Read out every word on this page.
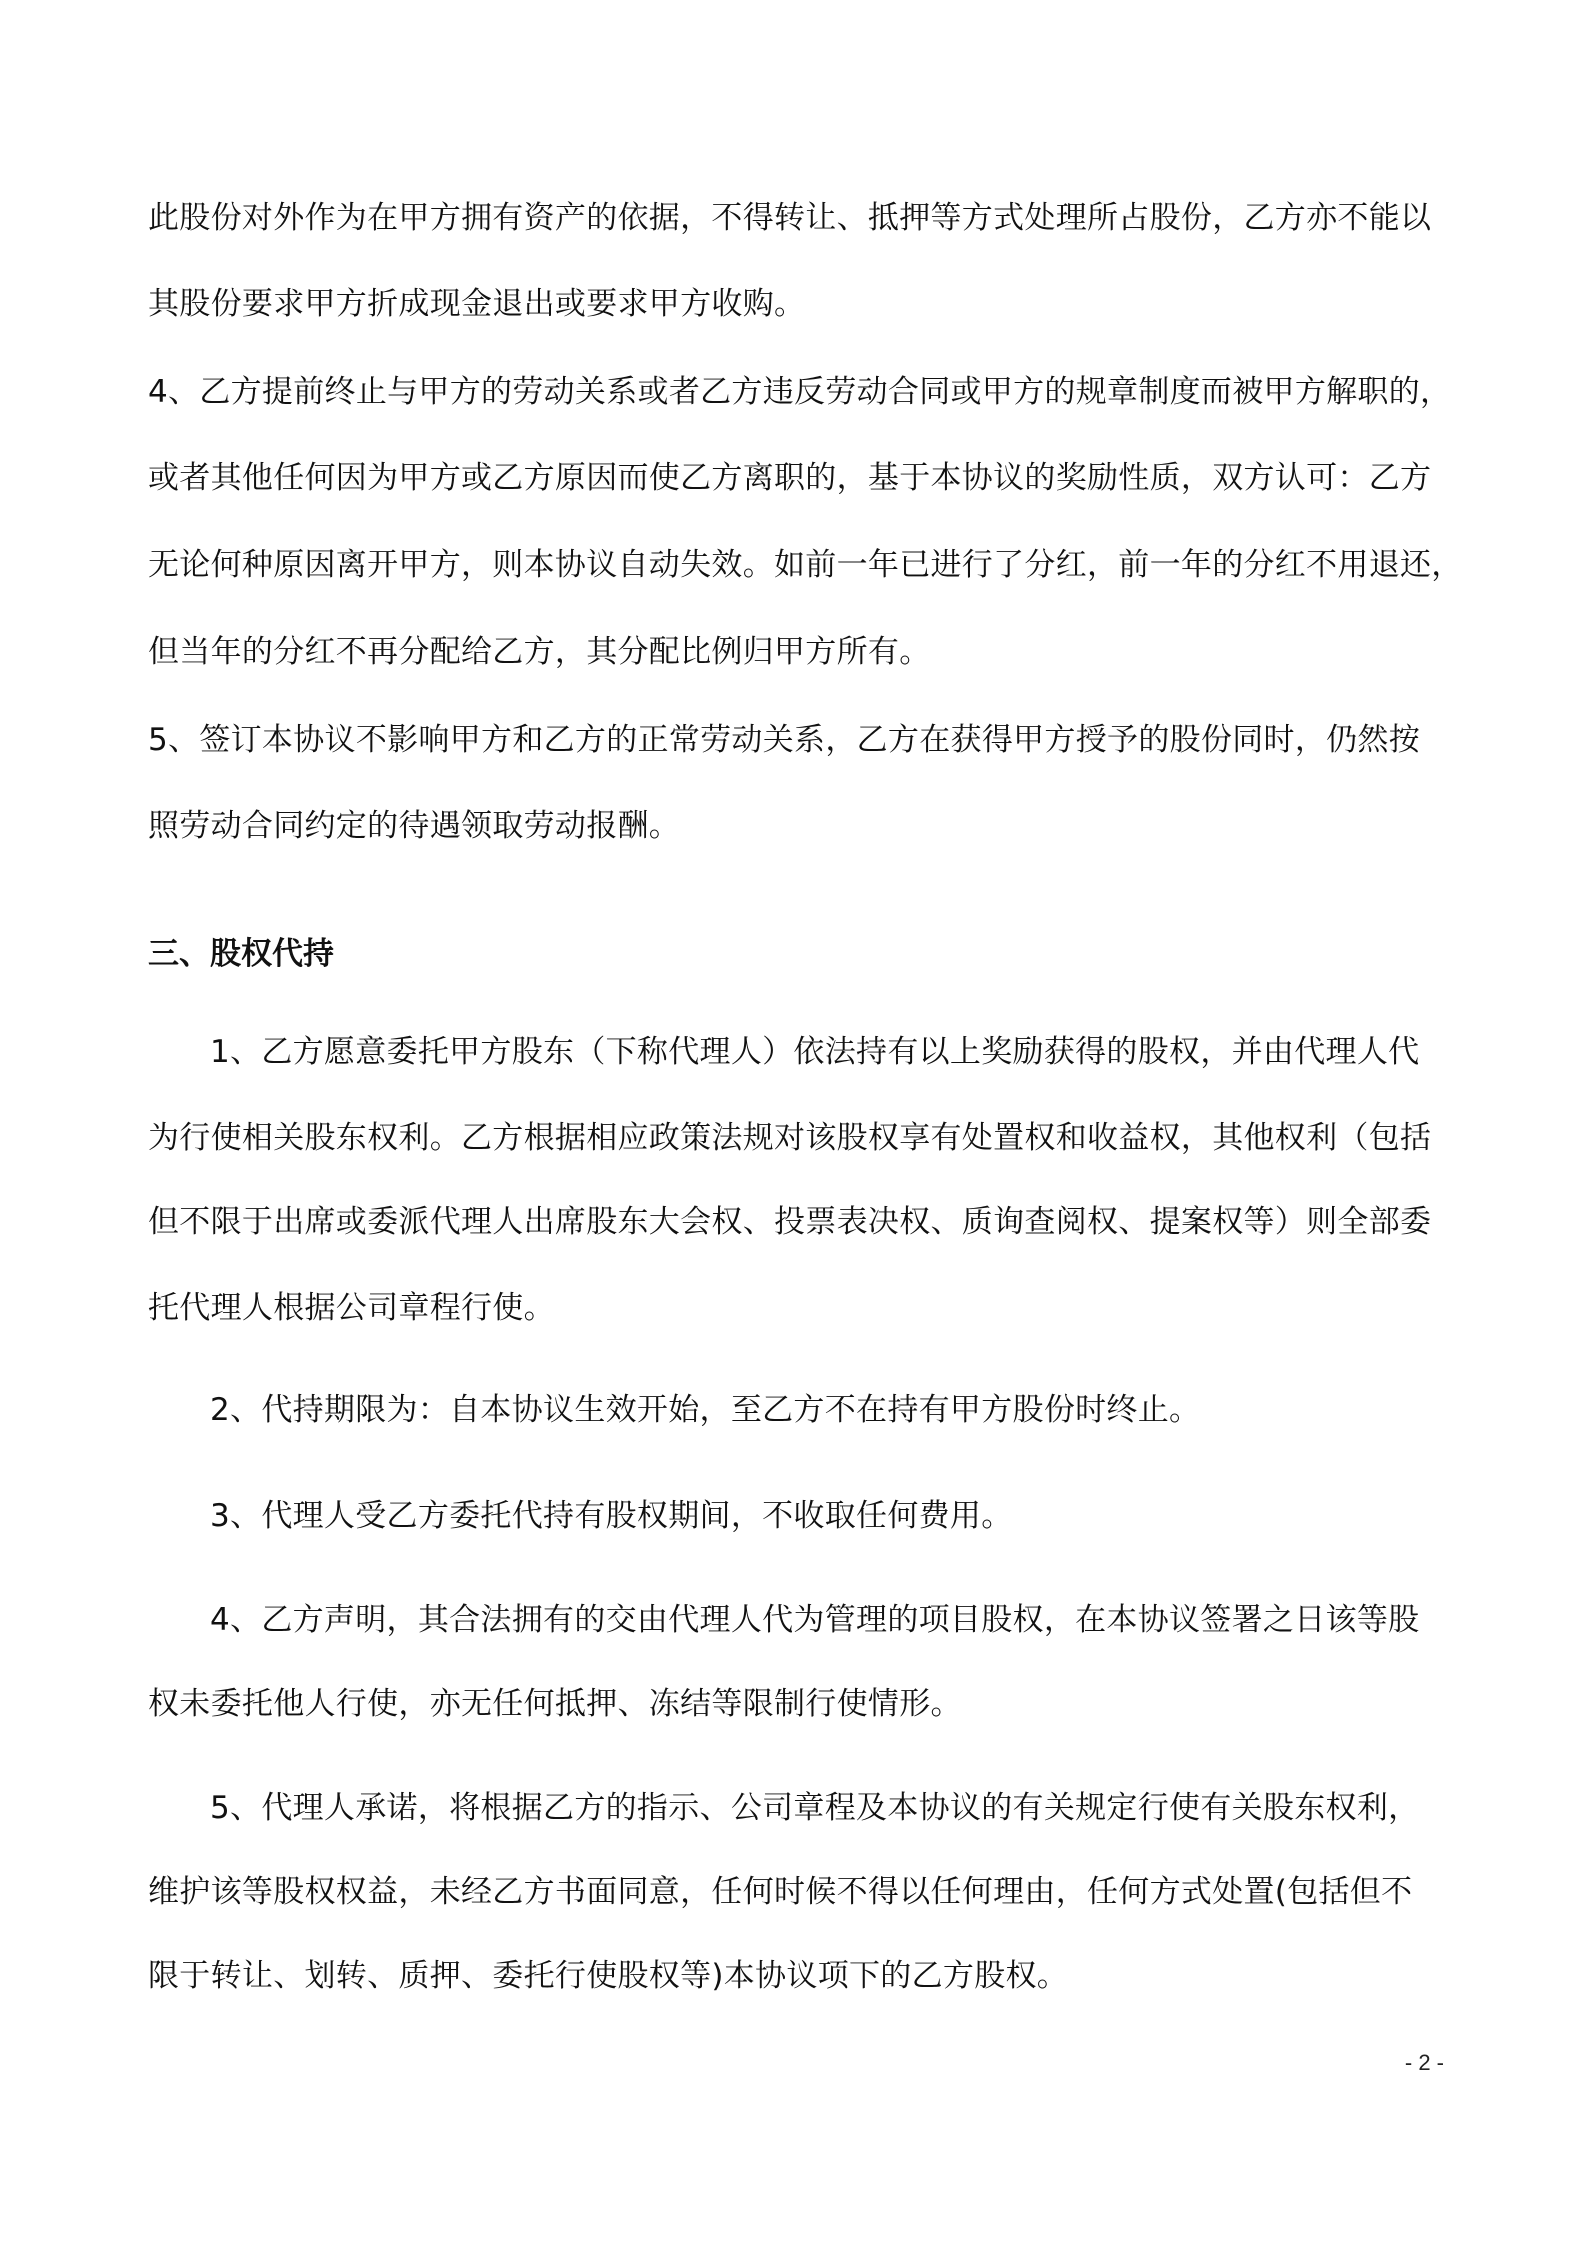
此股份对外作为在甲方拥有资产的依据，不得转让、抵押等方式处理所占股份，乙方亦不能以
其股份要求甲方折成现金退出或要求甲方收购。
4、乙方提前终止与甲方的劳动关系或者乙方违反劳动合同或甲方的规章制度而被甲方解职的，
或者其他任何因为甲方或乙方原因而使乙方离职的，基于本协议的奖励性质，双方认可：乙方
无论何种原因离开甲方，则本协议自动失效。如前一年已进行了分红，前一年的分红不用退还，
但当年的分红不再分配给乙方，其分配比例归甲方所有。
5、签订本协议不影响甲方和乙方的正常劳动关系，乙方在获得甲方授予的股份同时，仍然按
照劳动合同约定的待遇领取劳动报酬。
三、股权代持
1、乙方愿意委托甲方股东（下称代理人）依法持有以上奖励获得的股权，并由代理人代
为行使相关股东权利。乙方根据相应政策法规对该股权享有处置权和收益权，其他权利（包括
但不限于出席或委派代理人出席股东大会权、投票表决权、质询查阅权、提案权等）则全部委
托代理人根据公司章程行使。
2、代持期限为：自本协议生效开始，至乙方不在持有甲方股份时终止。
3、代理人受乙方委托代持有股权期间，不收取任何费用。
4、乙方声明，其合法拥有的交由代理人代为管理的项目股权，在本协议签署之日该等股
权未委托他人行使，亦无任何抵押、冻结等限制行使情形。
5、代理人承诺，将根据乙方的指示、公司章程及本协议的有关规定行使有关股东权利，
维护该等股权权益，未经乙方书面同意，任何时候不得以任何理由，任何方式处置(包括但不
限于转让、划转、质押、委托行使股权等)本协议项下的乙方股权。
- 2 -
